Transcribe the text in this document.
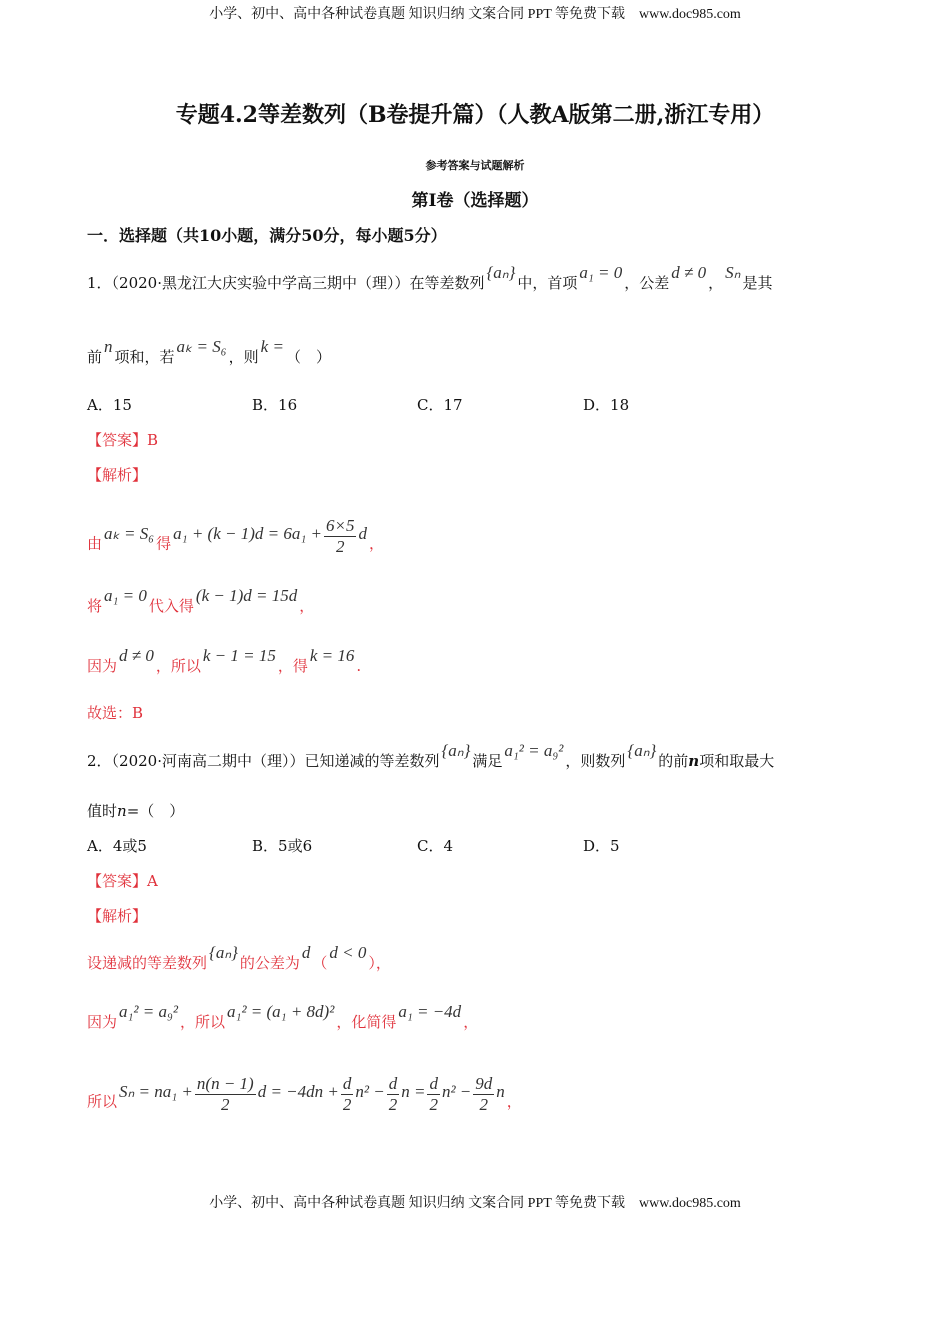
小学、初中、高中各种试卷真题 知识归纳 文案合同 PPT 等免费下载　www.doc985.com
专题4.2等差数列（B卷提升篇）（人教A版第二册,浙江专用）
参考答案与试题解析
第Ⅰ卷（选择题）
一．选择题（共10小题，满分50分，每小题5分）
1．（2020·黑龙江大庆实验中学高三期中（理））在等差数列{aₙ}中，首项a₁ = 0，公差d ≠ 0，Sₙ是其
前n项和，若aₖ = S₆，则k =（　）
A．15	B．16	C．17	D．18
【答案】B
【解析】
由aₖ = S₆得$a_1 + (k - 1)d = 6a_1 + \frac{6\times 5}{2}$ d，
将a₁ = 0代入得(k − 1)d = 15d，
因为d ≠ 0，所以k − 1 = 15，得k = 16.
故选：B
2．（2020·河南高二期中（理））已知递减的等差数列{aₙ}满足a₁² = a₉²，则数列{aₙ}的前n项和取最大
值时n=（　）
A．4或5	B．5或6	C．4	D．5
【答案】A
【解析】
设递减的等差数列{aₙ}的公差为d（d < 0），
因为a₁² = a₉²，所以a₁² = (a₁ + 8d)²，化简得a₁ = −4d，
所以$S_n = na_1 + \frac{n(n - 1)}{2}$ $d = -4dn + \frac{d}{2} n^2 - \frac{d}{2}$ $n = \frac{d}{2} n^2 - \frac{9d}{2}$ n，
小学、初中、高中各种试卷真题 知识归纳 文案合同 PPT 等免费下载　www.doc985.com
